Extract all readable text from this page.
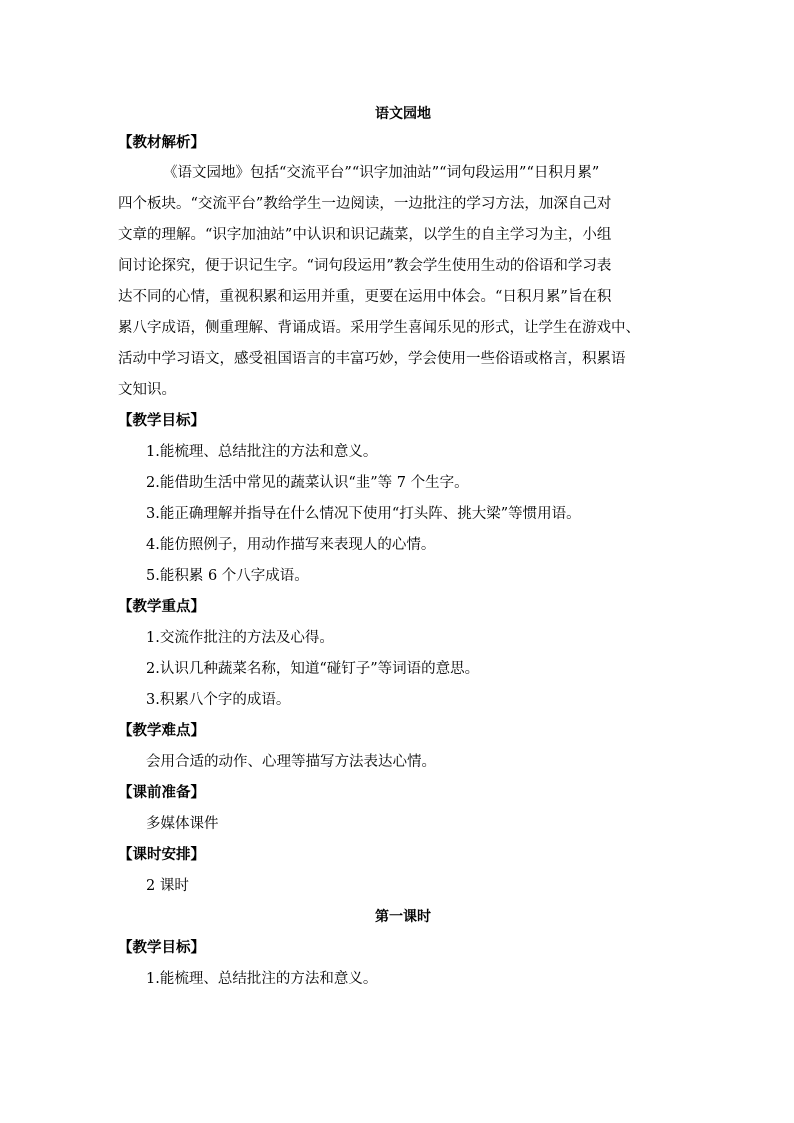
语文园地
【教材解析】
《语文园地》包括“交流平台”“识字加油站”“词句段运用”“日积月累”
四个板块。“交流平台”教给学生一边阅读，一边批注的学习方法，加深自己对
文章的理解。“识字加油站”中认识和识记蔬菜，以学生的自主学习为主，小组
间讨论探究，便于识记生字。“词句段运用”教会学生使用生动的俗语和学习表
达不同的心情，重视积累和运用并重，更要在运用中体会。“日积月累”旨在积
累八字成语，侧重理解、背诵成语。采用学生喜闻乐见的形式，让学生在游戏中、
活动中学习语文，感受祖国语言的丰富巧妙，学会使用一些俗语或格言，积累语
文知识。
【教学目标】
1.能梳理、总结批注的方法和意义。
2.能借助生活中常见的蔬菜认识“韭”等 7 个生字。
3.能正确理解并指导在什么情况下使用“打头阵、挑大梁”等惯用语。
4.能仿照例子，用动作描写来表现人的心情。
5.能积累 6 个八字成语。
【教学重点】
1.交流作批注的方法及心得。
2.认识几种蔬菜名称，知道“碰钉子”等词语的意思。
3.积累八个字的成语。
【教学难点】
会用合适的动作、心理等描写方法表达心情。
【课前准备】
多媒体课件
【课时安排】
2 课时
第一课时
【教学目标】
1.能梳理、总结批注的方法和意义。
